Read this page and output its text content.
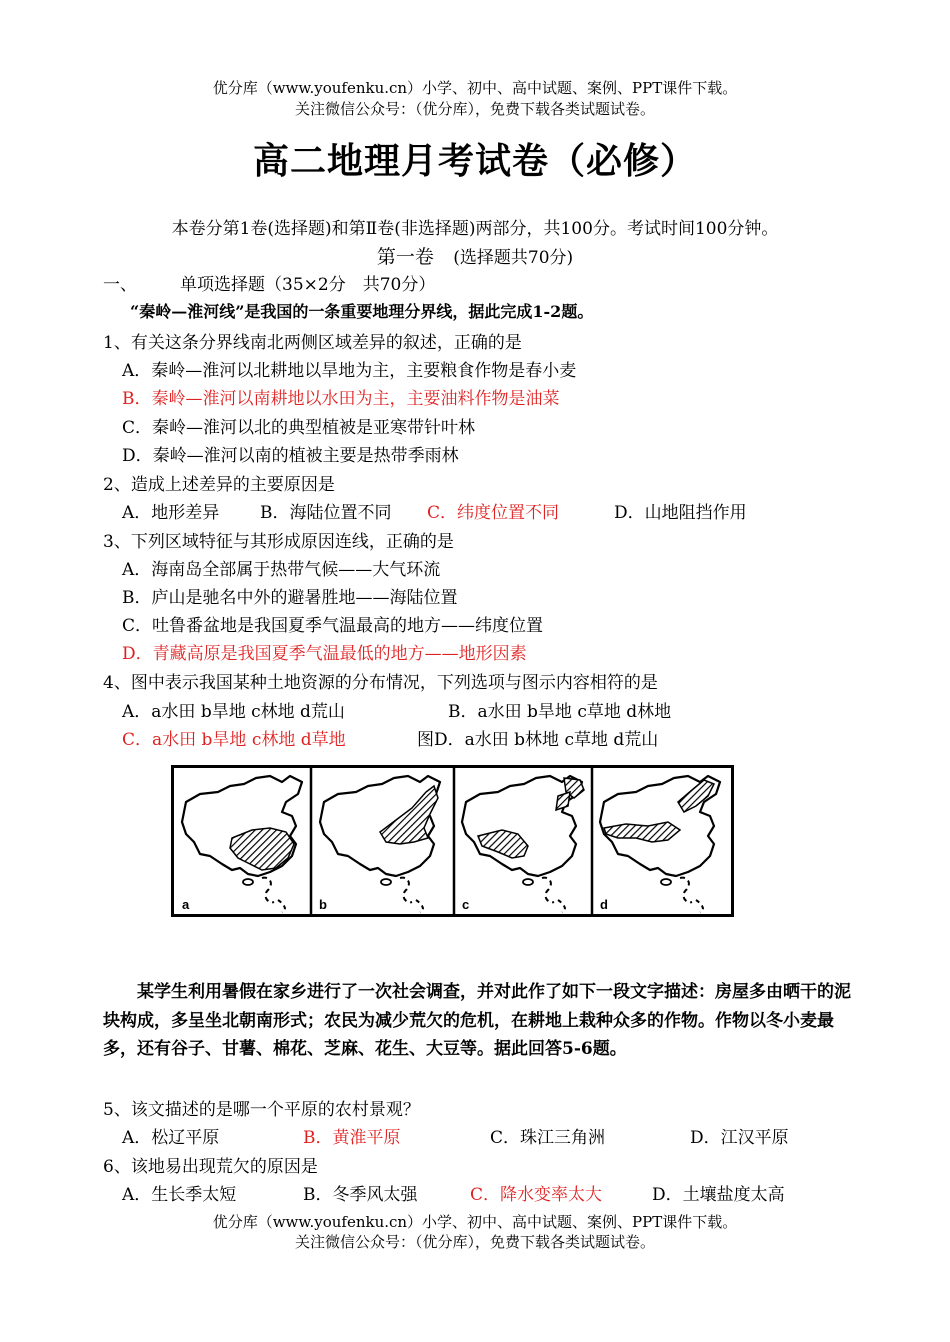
优分库（www.youfenku.cn）小学、初中、高中试题、案例、PPT课件下载。
关注微信公众号：（优分库），免费下载各类试题试卷。
高二地理月考试卷（必修）
本卷分第1卷(选择题)和第Ⅱ卷(非选择题)两部分，共100分。考试时间100分钟。
第一卷 (选择题共70分)
一、	单项选择题（35×2分　共70分）
“秦岭—淮河线”是我国的一条重要地理分界线，据此完成1-2题。
1、有关这条分界线南北两侧区域差异的叙述，正确的是
A．秦岭—淮河以北耕地以旱地为主，主要粮食作物是春小麦
B．秦岭—淮河以南耕地以水田为主，主要油料作物是油菜
C．秦岭—淮河以北的典型植被是亚寒带针叶林
D．秦岭—淮河以南的植被主要是热带季雨林
2、造成上述差异的主要原因是
A．地形差异 B．海陆位置不同 C．纬度位置不同	D．山地阻挡作用
3、下列区域特征与其形成原因连线，正确的是
A．海南岛全部属于热带气候——大气环流
B．庐山是驰名中外的避暑胜地——海陆位置
C．吐鲁番盆地是我国夏季气温最高的地方——纬度位置
D．青藏高原是我国夏季气温最低的地方——地形因素
4、图中表示我国某种土地资源的分布情况，下列选项与图示内容相符的是
A．a水田 b旱地 c林地 d荒山	B．a水田 b旱地 c草地 d林地
C．a水田 b旱地 c林地 d草地	图D．a水田 b林地 c草地 d荒山
a	b	c	d
某学生利用暑假在家乡进行了一次社会调查，并对此作了如下一段文字描述：房屋多由晒干的泥块构成，多呈坐北朝南形式；农民为减少荒欠的危机，在耕地上栽种众多的作物。作物以冬小麦最多，还有谷子、甘薯、棉花、芝麻、花生、大豆等。据此回答5-6题。
5、该文描述的是哪一个平原的农村景观？
A．松辽平原	B．黄淮平原	C．珠江三角洲	D．江汉平原
6、该地易出现荒欠的原因是
A．生长季太短	B．冬季风太强	C．降水变率太大	D．土壤盐度太高
优分库（www.youfenku.cn）小学、初中、高中试题、案例、PPT课件下载。
关注微信公众号：（优分库），免费下载各类试题试卷。
